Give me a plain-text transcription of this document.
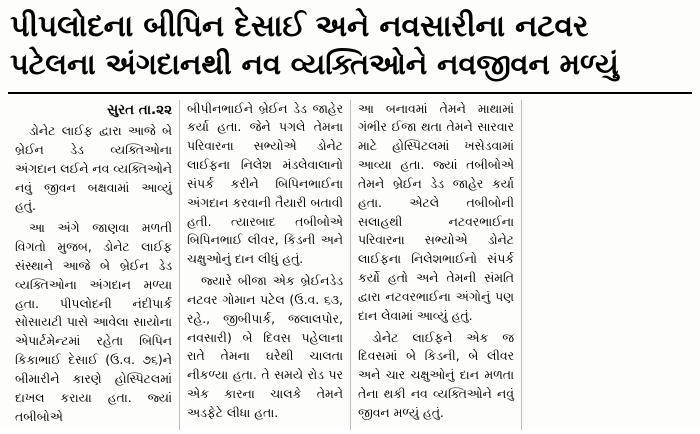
પીપલોદના બીપિન દેસાઈ અને નવસારીના નટવર
પટેલના અંગદાનથી નવ વ્યક્તિઓને નવજીવન મળ્યું
સુરત તા.૨૨

ડોનેટ લાઈફ દ્વારા આજે બે બ્રેઈન ડેડ વ્યક્તિઓના અંગદાન લઈને નવ વ્યક્તિઓને નવું જીવન બક્ષવામાં આવ્યું હતું.

આ અંગે જાણવા મળતી વિગતો મુજબ, ડોનેટ લાઈફ સંસ્થાને આજે બે બ્રેઈન ડેડ વ્યક્તિઓના અંગદાન મળ્યા હતા. પીપલોદની નંદીપાર્ક સોસાયટી પાસે આવેલા સાયોના એપાર્ટમેન્ટમાં રહેતા બિપિન કિકાભાઈ દેસાઈ (ઉ.વ. ૭૬)ને બીમારીને કારણે હોસ્પિટલમાં દાખલ કરાયા હતા. જ્યાં તબીબોએ

બીપીનભાઈને બ્રેઈન ડેડ જાહેર કર્યા હતા. જેને પગલે તેમના પરિવારના સભ્યોએ ડોનેટ લાઈફના નિલેશ મંડલેવાલાનો સંપર્ક કરીને બિપિનભાઈના અંગદાન કરવાની તૈયારી બતાવી હતી. ત્યારબાદ તબીબોએ બિપિનભાઈ લીવર, કિડની અને ચક્ષુઓનું દાન લીધું હતું.

જ્યારે બીજા એક બ્રેઈનડેડ નટવર ગોમાન પટેલ (ઉ.વ. ૬૩, રહે., જીબીપાર્ક, જલાલપોર, નવસારી) બે દિવસ પહેલાના રાતે તેમના ઘરેથી ચાલતા નીકળ્યા હતા. તે સમયે રોડ પર એક કારના ચાલકે તેમને અડફેટે લીધા હતા.

આ બનાવમાં તેમને માથામાં ગંભીર ઈજા થતા તેમને સારવાર માટે હોસ્પિટલમાં ખસેડવામાં આવ્યા હતા. જ્યાં તબીબોએ તેમને બ્રેઈન ડેડ જાહેર કર્યા હતા. એટલે તબીબોની સલાહથી નટવરભાઈના પરિવારના સભ્યોએ ડોનેટ લાઈફના નિલેશભાઈનો સંપર્ક કર્યો હતો અને તેમની સંમતિ દ્વારા નટવરભાઈના અંગોનું પણ દાન લેવામાં આવ્યું હતું.

ડોનેટ લાઈફને એક જ દિવસમાં બે કિડની, બે લીવર અને ચાર ચક્ષુઓનું દાન મળતા તેના થકી નવ વ્યક્તિઓને નવું જીવન મળ્યું હતું.
